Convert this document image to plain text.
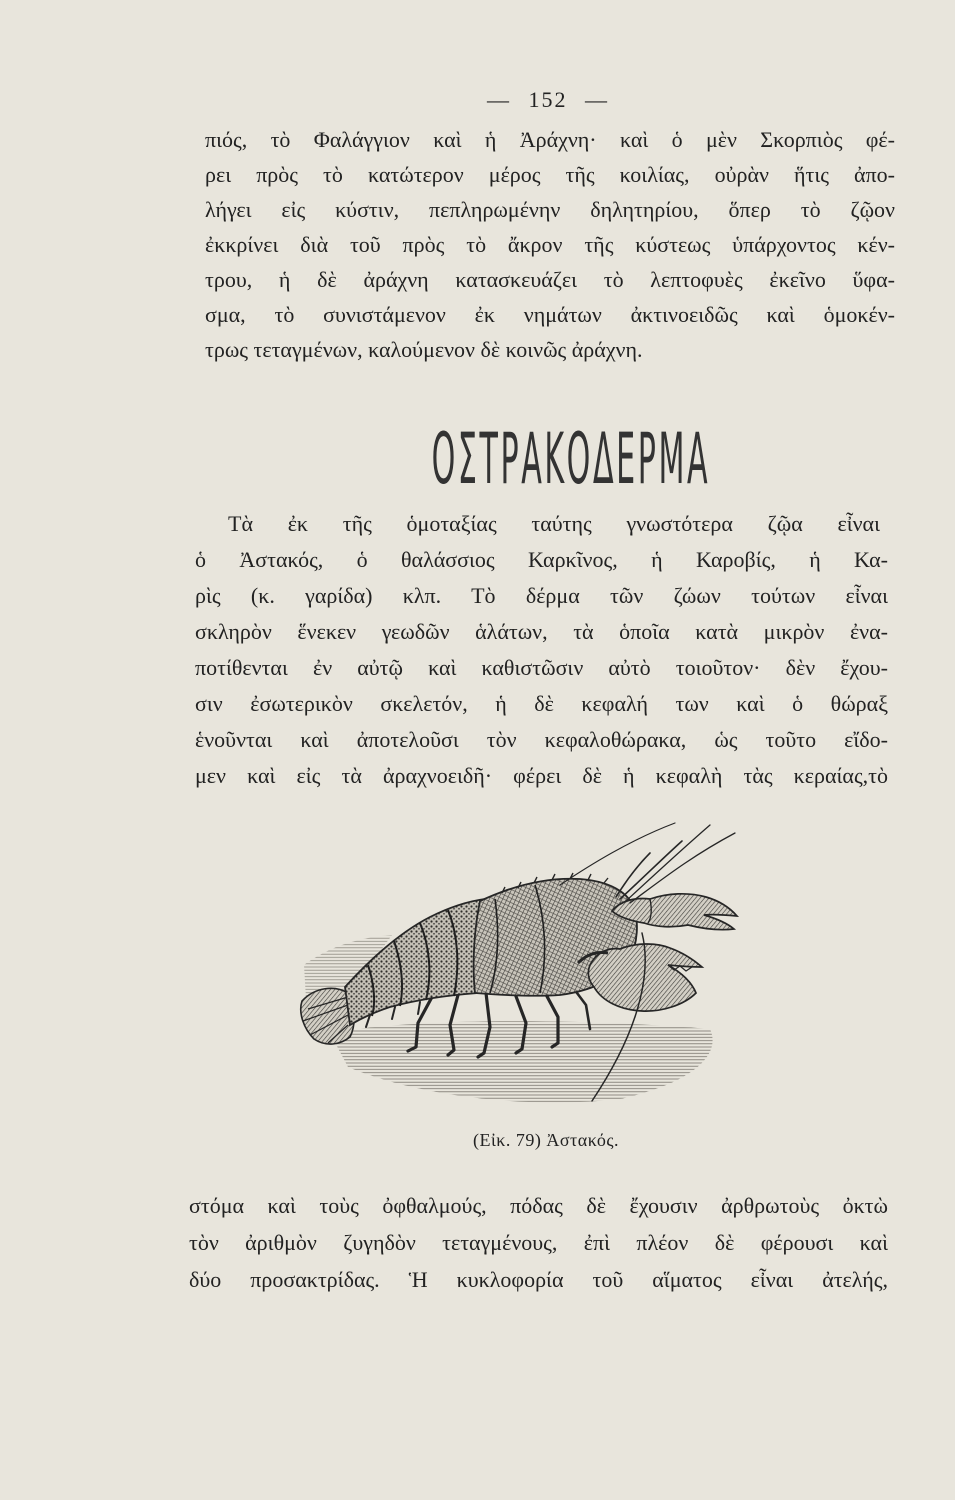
— 152 —
πιός, τὸ Φαλάγγιον καὶ ἡ Ἀράχνη· καὶ ὁ μὲν Σκορπιὸς φέ-
ρει πρὸς τὸ κατώτερον μέρος τῆς κοιλίας, οὐρὰν ἥτις ἀπο-
λήγει εἰς κύστιν, πεπληρωμένην δηλητηρίου, ὅπερ τὸ ζῷον
ἐκκρίνει διὰ τοῦ πρὸς τὸ ἄκρον τῆς κύστεως ὑπάρχοντος κέν-
τρου, ἡ δὲ ἀράχνη κατασκευάζει τὸ λεπτοφυὲς ἐκεῖνο ὕφα-
σμα, τὸ συνιστάμενον ἐκ νημάτων ἀκτινοειδῶς καὶ ὁμοκέν-
τρως τεταγμένων, καλούμενον δὲ κοινῶς ἀράχνη.
ΟΣΤΡΑΚΟΔΕΡΜΑ
Τὰ ἐκ τῆς ὁμοταξίας ταύτης γνωστότερα ζῷα εἶναι
ὁ Ἀστακός, ὁ θαλάσσιος Καρκῖνος, ἡ Καροβίς, ἡ Κα-
ρὶς (κ. γαρίδα) κλπ. Τὸ δέρμα τῶν ζώων τούτων εἶναι
σκληρὸν ἕνεκεν γεωδῶν ἁλάτων, τὰ ὁποῖα κατὰ μικρὸν ἐνα-
ποτίθενται ἐν αὐτῷ καὶ καθιστῶσιν αὐτὸ τοιοῦτον· δὲν ἔχου-
σιν ἐσωτερικὸν σκελετόν, ἡ δὲ κεφαλή των καὶ ὁ θώραξ
ἑνοῦνται καὶ ἀποτελοῦσι τὸν κεφαλοθώρακα, ὡς τοῦτο εἴδο-
μεν καὶ εἰς τὰ ἀραχνοειδῆ· φέρει δὲ ἡ κεφαλὴ τὰς κεραίας,τὸ
(Εἰκ. 79) Ἀστακός.
στόμα καὶ τοὺς ὀφθαλμούς, πόδας δὲ ἔχουσιν ἀρθρωτοὺς ὀκτὼ
τὸν ἀριθμὸν ζυγηδὸν τεταγμένους, ἐπὶ πλέον δὲ φέρουσι καὶ
δύο προσακτρίδας. Ἡ κυκλοφορία τοῦ αἵματος εἶναι ἀτελής,
